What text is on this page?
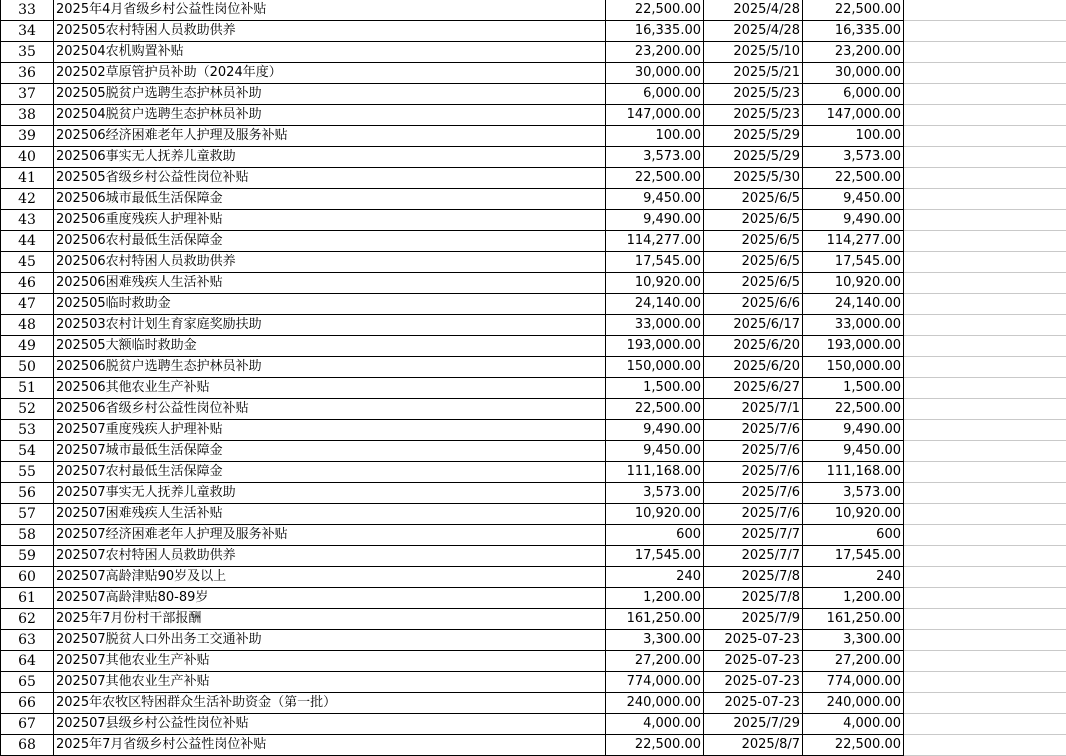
33	2025年4月省级乡村公益性岗位补贴	22,500.00	2025/4/28	22,500.00	
34	202505农村特困人员救助供养	16,335.00	2025/4/28	16,335.00	
35	202504农机购置补贴	23,200.00	2025/5/10	23,200.00	
36	202502草原管护员补助（2024年度）	30,000.00	2025/5/21	30,000.00	
37	202505脱贫户选聘生态护林员补助	6,000.00	2025/5/23	6,000.00	
38	202504脱贫户选聘生态护林员补助	147,000.00	2025/5/23	147,000.00	
39	202506经济困难老年人护理及服务补贴	100.00	2025/5/29	100.00	
40	202506事实无人抚养儿童救助	3,573.00	2025/5/29	3,573.00	
41	202505省级乡村公益性岗位补贴	22,500.00	2025/5/30	22,500.00	
42	202506城市最低生活保障金	9,450.00	2025/6/5	9,450.00	
43	202506重度残疾人护理补贴	9,490.00	2025/6/5	9,490.00	
44	202506农村最低生活保障金	114,277.00	2025/6/5	114,277.00	
45	202506农村特困人员救助供养	17,545.00	2025/6/5	17,545.00	
46	202506困难残疾人生活补贴	10,920.00	2025/6/5	10,920.00	
47	202505临时救助金	24,140.00	2025/6/6	24,140.00	
48	202503农村计划生育家庭奖励扶助	33,000.00	2025/6/17	33,000.00	
49	202505大额临时救助金	193,000.00	2025/6/20	193,000.00	
50	202506脱贫户选聘生态护林员补助	150,000.00	2025/6/20	150,000.00	
51	202506其他农业生产补贴	1,500.00	2025/6/27	1,500.00	
52	202506省级乡村公益性岗位补贴	22,500.00	2025/7/1	22,500.00	
53	202507重度残疾人护理补贴	9,490.00	2025/7/6	9,490.00	
54	202507城市最低生活保障金	9,450.00	2025/7/6	9,450.00	
55	202507农村最低生活保障金	111,168.00	2025/7/6	111,168.00	
56	202507事实无人抚养儿童救助	3,573.00	2025/7/6	3,573.00	
57	202507困难残疾人生活补贴	10,920.00	2025/7/6	10,920.00	
58	202507经济困难老年人护理及服务补贴	600	2025/7/7	600	
59	202507农村特困人员救助供养	17,545.00	2025/7/7	17,545.00	
60	202507高龄津贴90岁及以上	240	2025/7/8	240	
61	202507高龄津贴80-89岁	1,200.00	2025/7/8	1,200.00	
62	2025年7月份村干部报酬	161,250.00	2025/7/9	161,250.00	
63	202507脱贫人口外出务工交通补助	3,300.00	2025-07-23	3,300.00	
64	202507其他农业生产补贴	27,200.00	2025-07-23	27,200.00	
65	202507其他农业生产补贴	774,000.00	2025-07-23	774,000.00	
66	2025年农牧区特困群众生活补助资金（第一批）	240,000.00	2025-07-23	240,000.00	
67	202507县级乡村公益性岗位补贴	4,000.00	2025/7/29	4,000.00	
68	2025年7月省级乡村公益性岗位补贴	22,500.00	2025/8/7	22,500.00	
